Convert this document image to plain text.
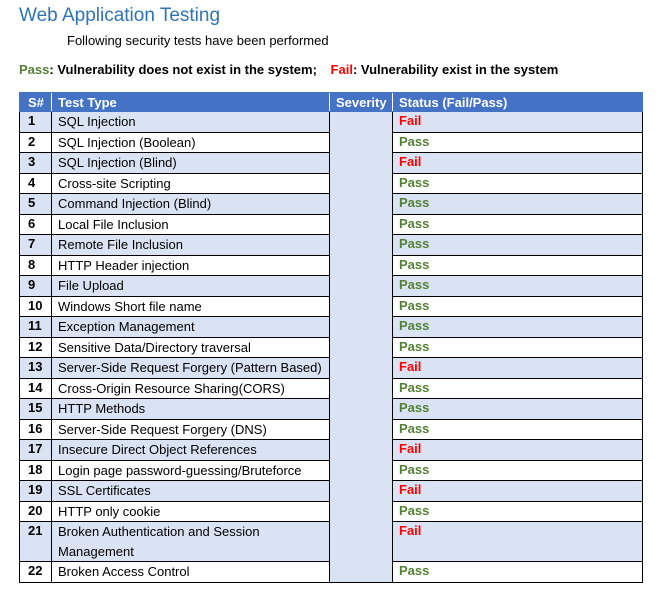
Web Application Testing
Following security tests have been performed
Pass: Vulnerability does not exist in the system; Fail: Vulnerability exist in the system
S#	Test Type	Severity	Status (Fail/Pass)
1	SQL Injection		Fail
2	SQL Injection (Boolean)		Pass
3	SQL Injection (Blind)		Fail
4	Cross-site Scripting		Pass
5	Command Injection (Blind)		Pass
6	Local File Inclusion		Pass
7	Remote File Inclusion		Pass
8	HTTP Header injection		Pass
9	File Upload		Pass
10	Windows Short file name		Pass
11	Exception Management		Pass
12	Sensitive Data/Directory traversal		Pass
13	Server-Side Request Forgery (Pattern Based)		Fail
14	Cross-Origin Resource Sharing(CORS)		Pass
15	HTTP Methods		Pass
16	Server-Side Request Forgery (DNS)		Pass
17	Insecure Direct Object References		Fail
18	Login page password-guessing/Bruteforce		Pass
19	SSL Certificates		Fail
20	HTTP only cookie		Pass
21	Broken Authentication and Session Management		Fail
22	Broken Access Control		Pass
